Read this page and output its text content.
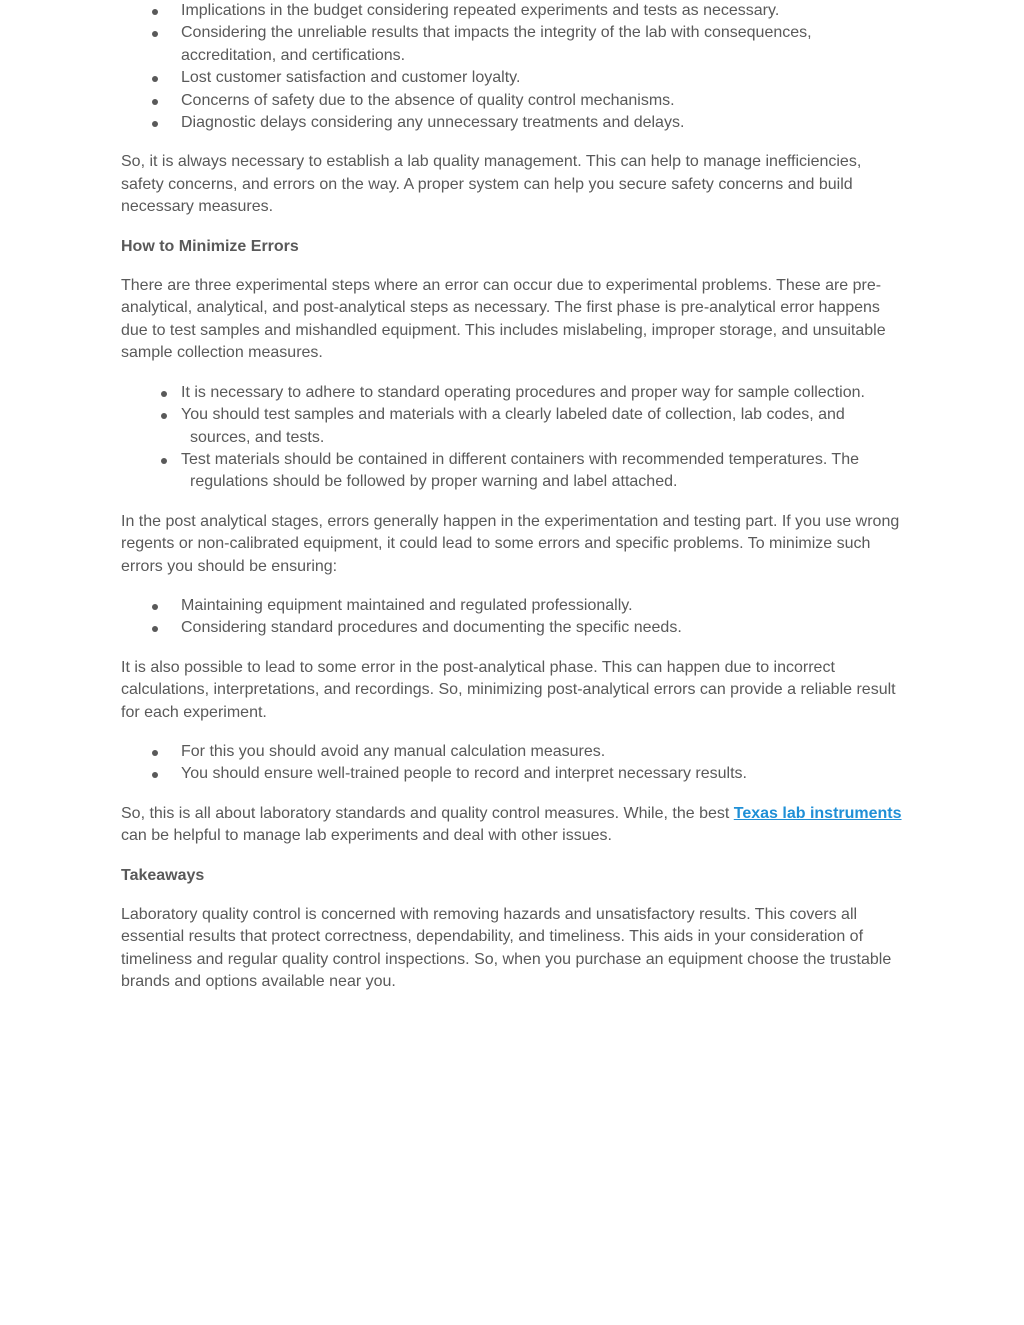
Implications in the budget considering repeated experiments and tests as necessary.
Considering the unreliable results that impacts the integrity of the lab with consequences, accreditation, and certifications.
Lost customer satisfaction and customer loyalty.
Concerns of safety due to the absence of quality control mechanisms.
Diagnostic delays considering any unnecessary treatments and delays.

So, it is always necessary to establish a lab quality management. This can help to manage inefficiencies, safety concerns, and errors on the way. A proper system can help you secure safety concerns and build necessary measures.

How to Minimize Errors

There are three experimental steps where an error can occur due to experimental problems. These are pre-analytical, analytical, and post-analytical steps as necessary. The first phase is pre-analytical error happens due to test samples and mishandled equipment. This includes mislabeling, improper storage, and unsuitable sample collection measures.

It is necessary to adhere to standard operating procedures and proper way for sample collection.
You should test samples and materials with a clearly labeled date of collection, lab codes, and sources, and tests.
Test materials should be contained in different containers with recommended temperatures. The regulations should be followed by proper warning and label attached.

In the post analytical stages, errors generally happen in the experimentation and testing part. If you use wrong regents or non-calibrated equipment, it could lead to some errors and specific problems. To minimize such errors you should be ensuring:

Maintaining equipment maintained and regulated professionally.
Considering standard procedures and documenting the specific needs.

It is also possible to lead to some error in the post-analytical phase. This can happen due to incorrect calculations, interpretations, and recordings. So, minimizing post-analytical errors can provide a reliable result for each experiment.

For this you should avoid any manual calculation measures.
You should ensure well-trained people to record and interpret necessary results.

So, this is all about laboratory standards and quality control measures. While, the best Texas lab instruments can be helpful to manage lab experiments and deal with other issues.

Takeaways

Laboratory quality control is concerned with removing hazards and unsatisfactory results. This covers all essential results that protect correctness, dependability, and timeliness. This aids in your consideration of timeliness and regular quality control inspections. So, when you purchase an equipment choose the trustable brands and options available near you.
